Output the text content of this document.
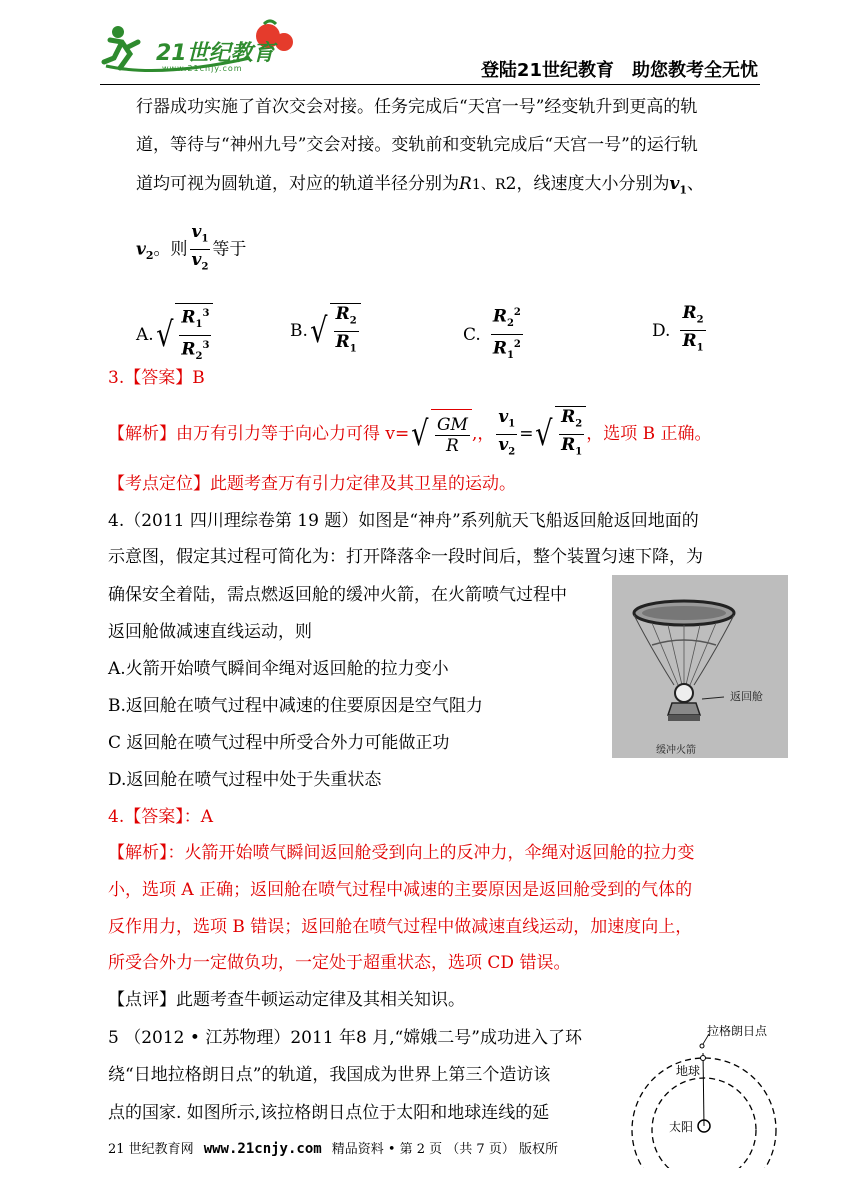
21世纪教育
www.21cnjy.com	登陆21世纪教育　助您教考全无忧
行器成功实施了首次交会对接。任务完成后“天宫一号”经变轨升到更高的轨
道，等待与“神州九号”交会对接。变轨前和变轨完成后“天宫一号”的运行轨
道均可视为圆轨道，对应的轨道半径分别为R1、R2，线速度大小分别为$v_1$、
$v_2$。则 $\frac{v_1}{v_2}$ 等于
A. √ $\frac{R_1^3}{R_2^3}$	B. √ $\frac{R_2}{R_1}$	C. $\frac{R_2^2}{R_1^2}$	D. $\frac{R_2}{R_1}$
3.【答案】B
【解析】由万有引力等于向心力可得 v= √ $\frac{GM}{R}$ ,， $\frac{v_1}{v_2}$ = √ $\frac{R_2}{R_1}$ ，选项 B 正确。
【考点定位】此题考查万有引力定律及其卫星的运动。
4.（2011 四川理综卷第 19 题）如图是“神舟”系列航天飞船返回舱返回地面的
示意图，假定其过程可简化为：打开降落伞一段时间后，整个装置匀速下降，为
确保安全着陆，需点燃返回舱的缓冲火箭，在火箭喷气过程中
返回舱做减速直线运动，则
A.火箭开始喷气瞬间伞绳对返回舱的拉力变小
B.返回舱在喷气过程中减速的住要原因是空气阻力
C 返回舱在喷气过程中所受合外力可能做正功
D.返回舱在喷气过程中处于失重状态
返回舱
缓冲火箭
4.【答案】：A
【解析】：火箭开始喷气瞬间返回舱受到向上的反冲力，伞绳对返回舱的拉力变
小，选项 A 正确；返回舱在喷气过程中减速的主要原因是返回舱受到的气体的
反作用力，选项 B 错误；返回舱在喷气过程中做减速直线运动，加速度向上，
所受合外力一定做负功，一定处于超重状态，选项 CD 错误。
【点评】此题考查牛顿运动定律及其相关知识。
5 （2012 • 江苏物理）2011 年8 月,“嫦娥二号”成功进入了环
绕“日地拉格朗日点”的轨道，我国成为世界上第三个造访该
点的国家. 如图所示,该拉格朗日点位于太阳和地球连线的延
拉格朗日点
地球
太阳
21 世纪教育网 www.21cnjy.com 精品资料 • 第 2 页 （共 7 页） 版权所
